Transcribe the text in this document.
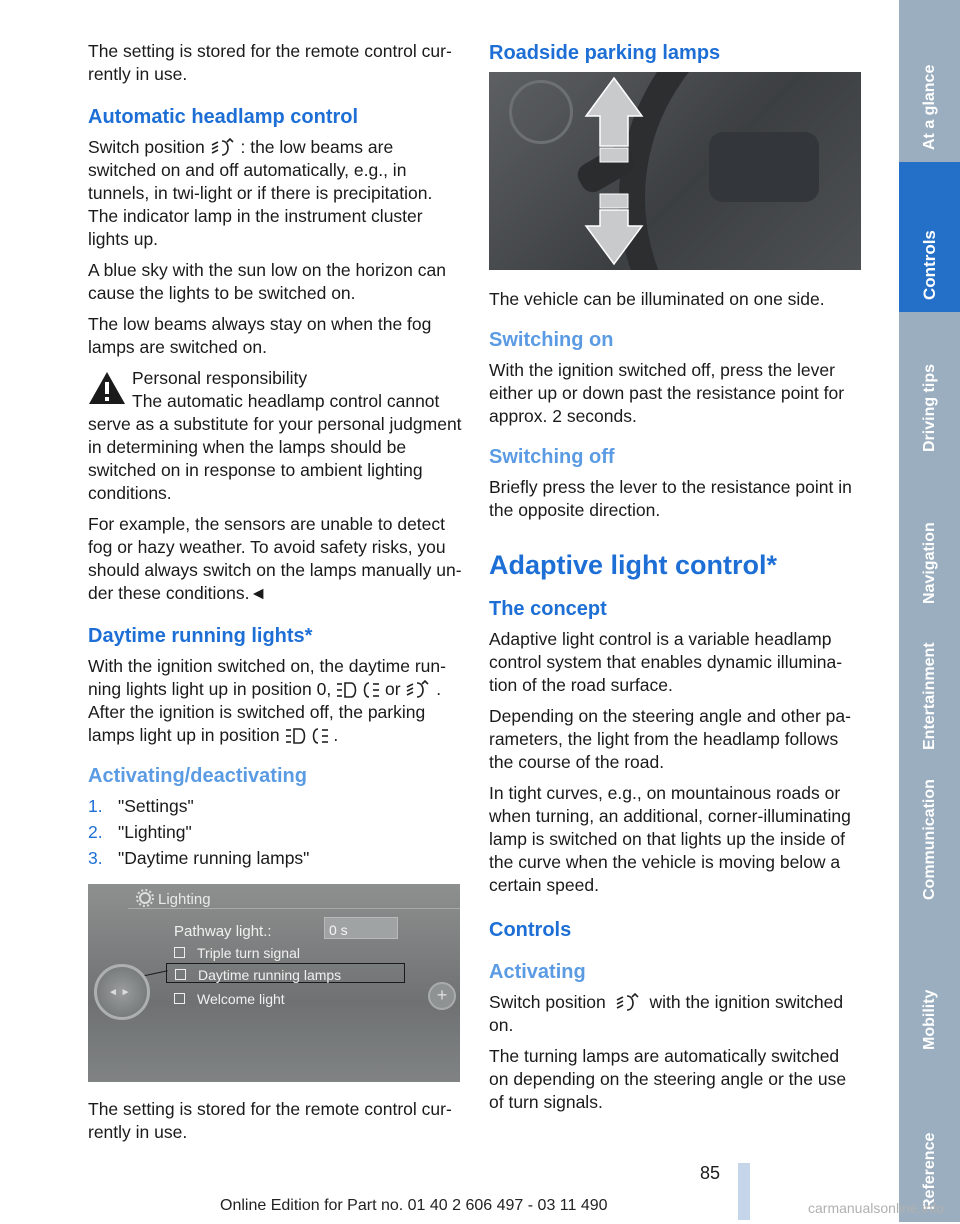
The setting is stored for the remote control cur-rently in use.

Automatic headlamp control

Switch position : the low beams are switched on and off automatically, e.g., in tunnels, in twi-light or if there is precipitation. The indicator lamp in the instrument cluster lights up.

A blue sky with the sun low on the horizon can cause the lights to be switched on.

The low beams always stay on when the fog lamps are switched on.

Personal responsibility
The automatic headlamp control cannot
serve as a substitute for your personal judgment in determining when the lamps should be switched on in response to ambient lighting conditions.

For example, the sensors are unable to detect fog or hazy weather. To avoid safety risks, you should always switch on the lamps manually un-der these conditions.◄

Daytime running lights*

With the ignition switched on, the daytime run-ning lights light up in position 0,	or . After the ignition is switched off, the parking lamps light up in position	.

Activating/deactivating
1. "Settings"
2. "Lighting"
3. "Daytime running lamps"
Lighting
Pathway light.:	0 s
Triple turn signal
Daytime running lamps
Welcome light
◄ ►	+

The setting is stored for the remote control cur-rently in use.

Roadside parking lamps

The vehicle can be illuminated on one side.

Switching on

With the ignition switched off, press the lever either up or down past the resistance point for approx. 2 seconds.

Switching off

Briefly press the lever to the resistance point in the opposite direction.

Adaptive light control*
The concept

Adaptive light control is a variable headlamp control system that enables dynamic illumina-tion of the road surface.

Depending on the steering angle and other pa-rameters, the light from the headlamp follows the course of the road.

In tight curves, e.g., on mountainous roads or when turning, an additional, corner-illuminating lamp is switched on that lights up the inside of the curve when the vehicle is moving below a certain speed.

Controls
Activating

Switch position	with the ignition switched on.

The turning lamps are automatically switched on depending on the steering angle or the use of turn signals.

At a glance
Controls
Driving tips
Navigation
Entertainment
Communication
Mobility
Reference
85
Online Edition for Part no. 01 40 2 606 497 - 03 11 490	carmanualsonline.info
